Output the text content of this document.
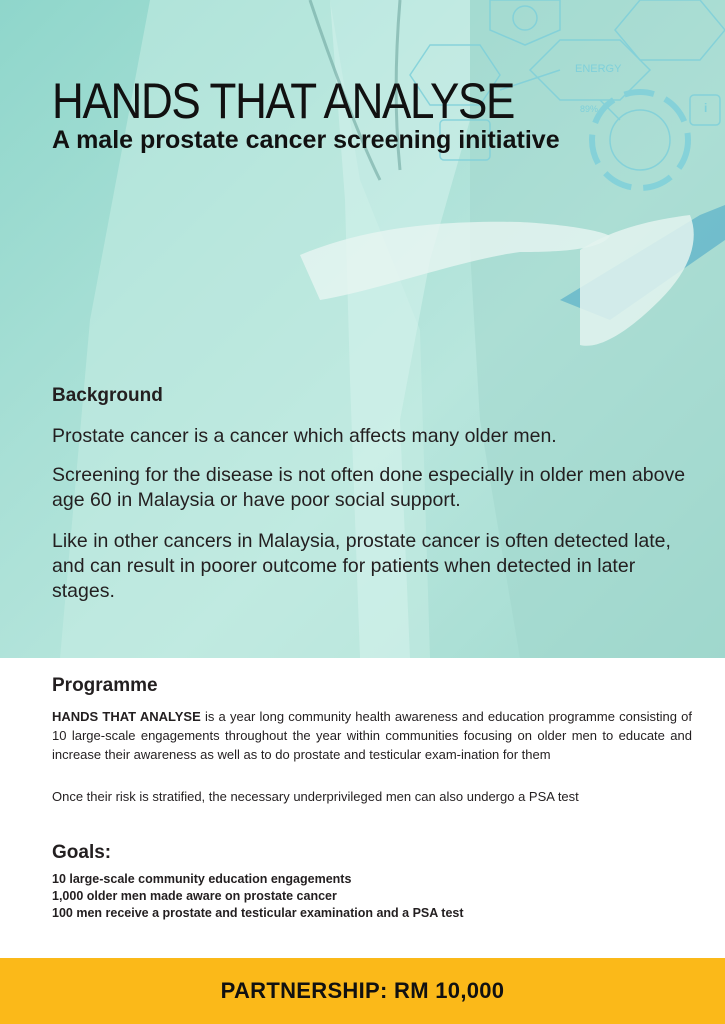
ENERGY
89%	i
HANDS THAT ANALYSE
A male prostate cancer screening initiative
Background

Prostate cancer is a cancer which affects many older men.

Screening for the disease is not often done especially in older men above age 60 in Malaysia or have poor social support.

Like in other cancers in Malaysia, prostate cancer is often detected late, and can result in poorer outcome for patients when detected in later stages.

Programme

HANDS THAT ANALYSE is a year long community health awareness and education programme consisting of 10 large-scale engagements throughout the year within communities focusing on older men to educate and increase their awareness as well as to do prostate and testicular exam-ination for them

Once their risk is stratified, the necessary underprivileged men can also undergo a PSA test

Goals:
10 large-scale community education engagements
1,000 older men made aware on prostate cancer
100 men receive a prostate and testicular examination and a PSA test
PARTNERSHIP: RM 10,000
